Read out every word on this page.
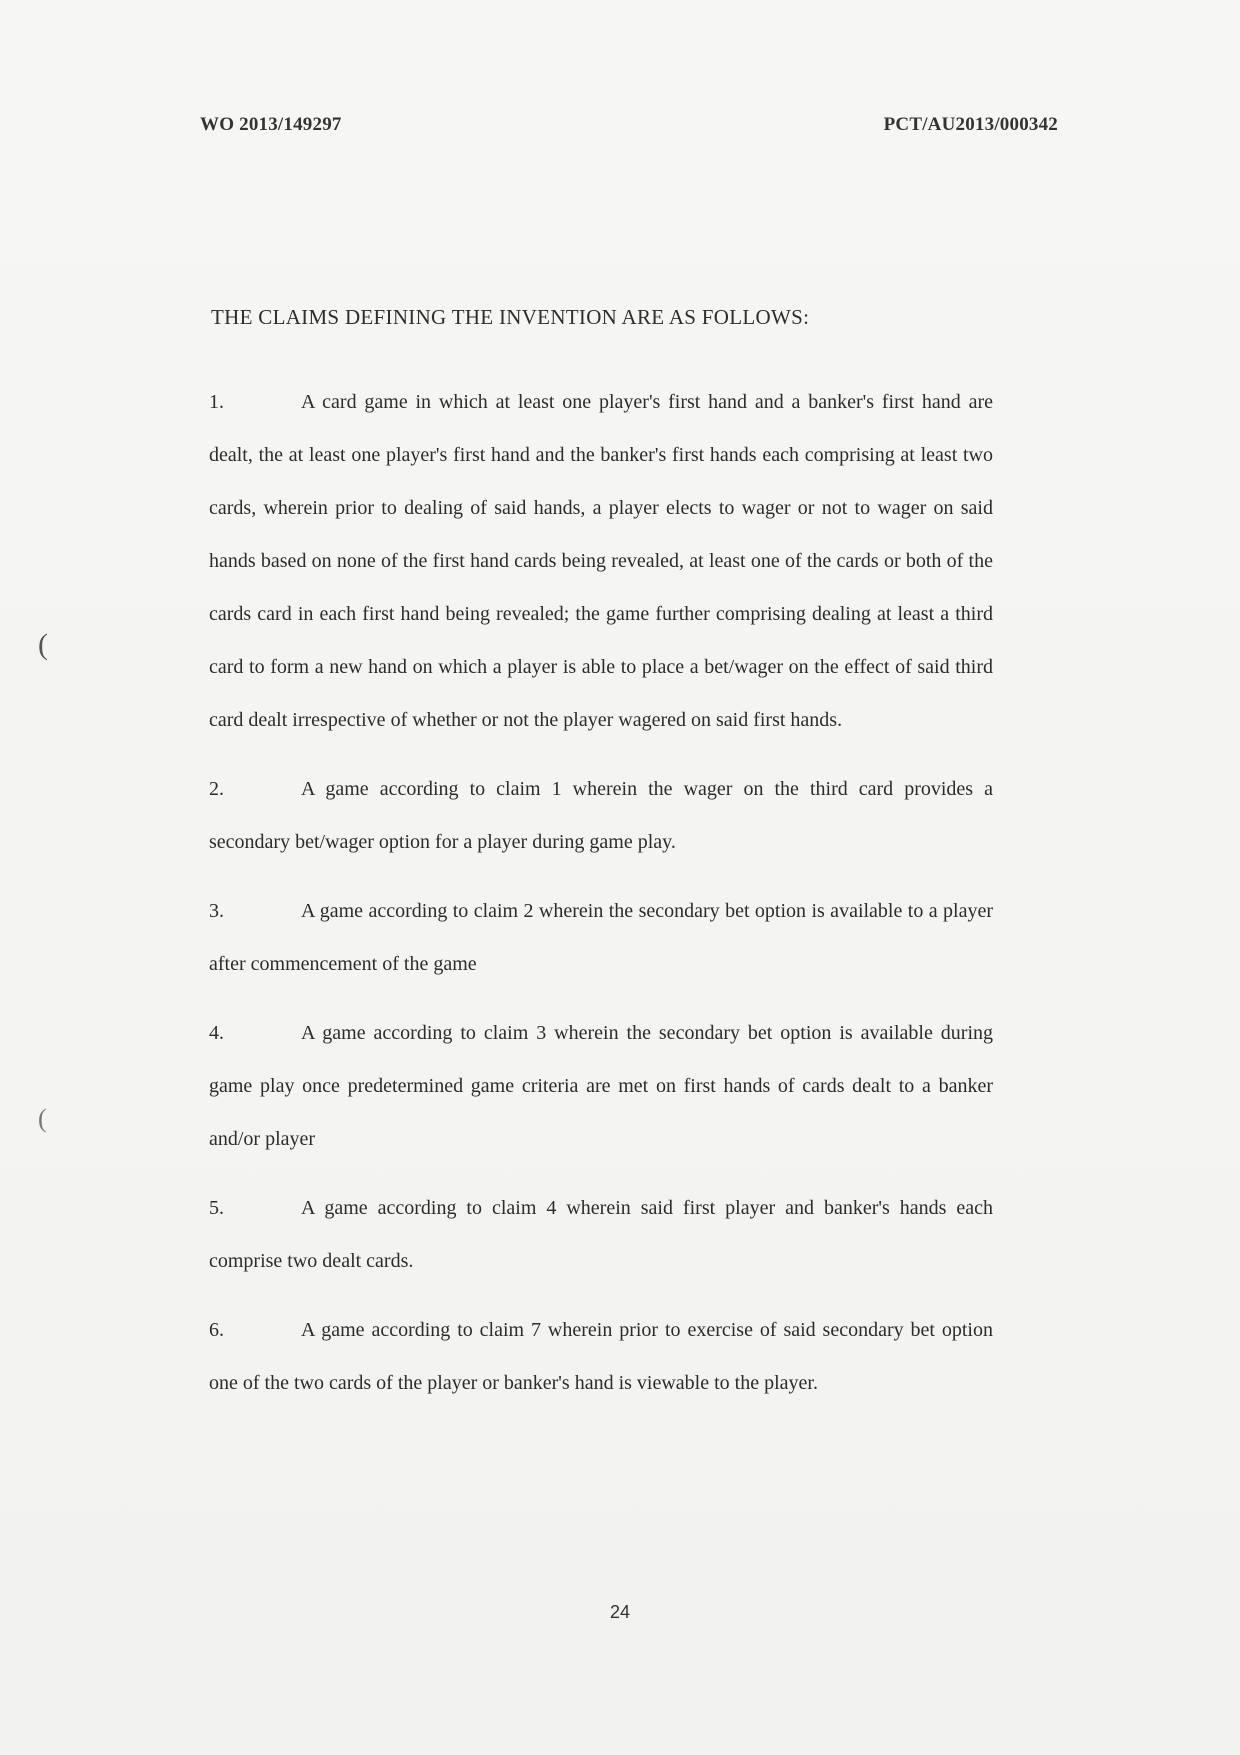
WO 2013/149297	PCT/AU2013/000342
THE CLAIMS DEFINING THE INVENTION ARE AS FOLLOWS:
1.	A card game in which at least one player's first hand and a banker's first hand are dealt, the at least one player's first hand and the banker's first hands each comprising at least two cards, wherein prior to dealing of said hands, a player elects to wager or not to wager on said hands based on none of the first hand cards being revealed, at least one of the cards or both of the cards card in each first hand being revealed; the game further comprising dealing at least a third card to form a new hand on which a player is able to place a bet/wager on the effect of said third card dealt irrespective of whether or not the player wagered on said first hands.
2.	A game according to claim 1 wherein the wager on the third card provides a secondary bet/wager option for a player during game play.
3.	A game according to claim 2 wherein the secondary bet option is available to a player after commencement of the game
4.	A game according to claim 3 wherein the secondary bet option is available during game play once predetermined game criteria are met on first hands of cards dealt to a banker and/or player
5.	A game according to claim 4 wherein said first player and banker's hands each comprise two dealt cards.
6.	A game according to claim 7 wherein prior to exercise of said secondary bet option one of the two cards of the player or banker's hand is viewable to the player.
(
(
24
